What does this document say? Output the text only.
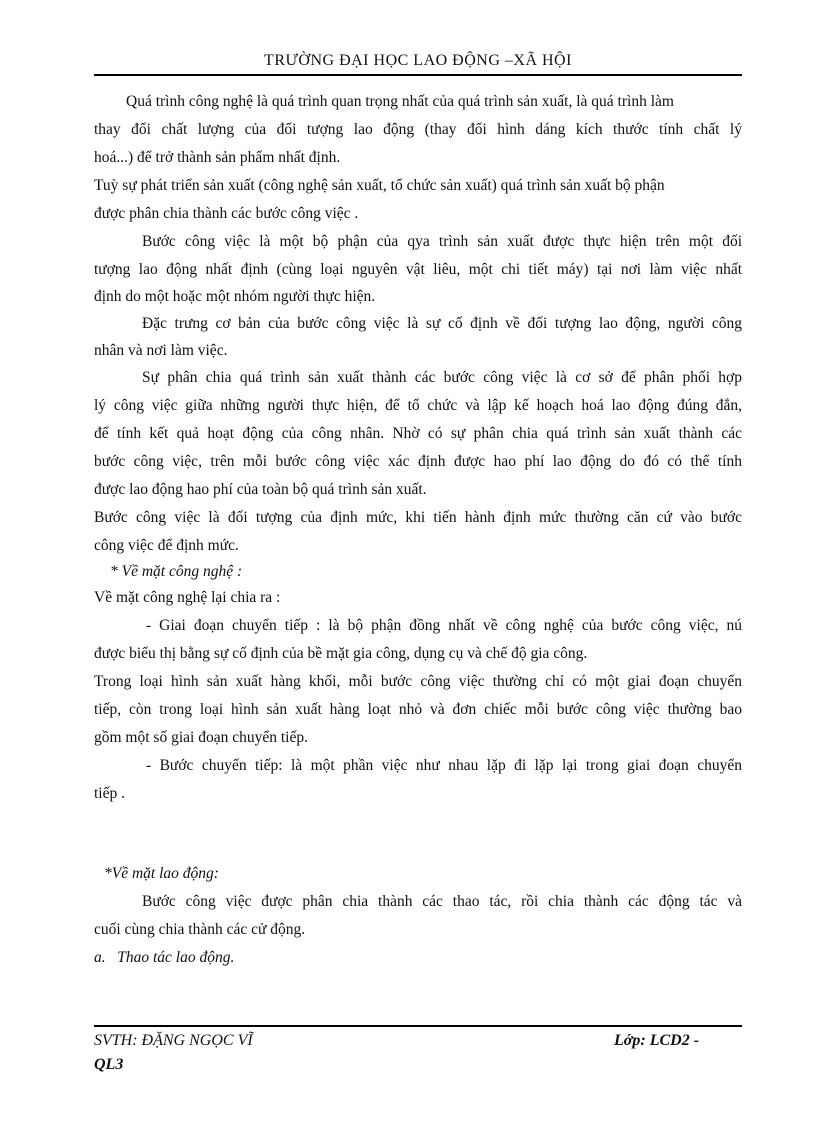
TRƯỜNG ĐẠI HỌC LAO ĐỘNG –XÃ HỘI
Quá trình công nghệ là quá trình quan trọng nhất của quá trình sản xuất, là quá trình làm
thay đổi chất lượng của đối tượng lao động (thay đổi hình dáng kích thước tính chất lý
hoá...) để trở thành sản phẩm nhất định.
Tuỳ sự phát triển sản xuất (công nghệ sản xuất, tổ chức sản xuất) quá trình sản xuất bộ phận
được phân chia thành các bước công việc .
Bước công việc là một bộ phận của qya trình sản xuất được thực hiện trên một đối
tượng lao động nhất định (cùng loại nguyên vật liêu, một chi tiết máy) tại nơi làm việc nhất
định do một hoặc một nhóm người thực hiện.
Đặc trưng cơ bản của bước công việc là sự cố định về đối tượng lao động, người công
nhân và nơi làm việc.
Sự phân chia quá trình sản xuất thành các bước công việc là cơ sở để phân phối hợp
lý công việc giữa những người thực hiện, để tổ chức và lập kế hoạch hoá lao động đúng đắn,
để tính kết quả hoạt động của công nhân. Nhờ có sự phân chia quá trình sản xuất thành các
bước công việc, trên mỗi bước công việc xác định được hao phí lao động do đó có thể tính
được lao động hao phí của toàn bộ quá trình sản xuất.
Bước công việc là đối tượng của định mức, khi tiến hành định mức thường căn cứ vào bước
công việc để định mức.
* Về mặt công nghệ :
Về mặt công nghệ lại chia ra :
- Giai đoạn chuyển tiếp : là bộ phận đồng nhất về công nghệ của bước công việc, nú
được biểu thị bằng sự cố định của bề mặt gia công, dụng cụ và chế độ gia công.
Trong loại hình sản xuất hàng khối, mỗi bước công việc thường chỉ có một giai đoạn chuyển
tiếp, còn trong loại hình sản xuất hàng loạt nhỏ và đơn chiếc mỗi bước công việc thường bao
gồm một số giai đoạn chuyển tiếp.
- Bước chuyển tiếp: là một phần việc như nhau lặp đi lặp lại trong giai đoạn chuyển
tiếp .
*Về mặt lao động:
Bước công việc được phân chia thành các thao tác, rồi chia thành các động tác và
cuối cùng chia thành các cử động.
a.   Thao tác lao động.
SVTH: ĐẶNG NGỌC VĨ	Lớp: LCD2 -
QL3
